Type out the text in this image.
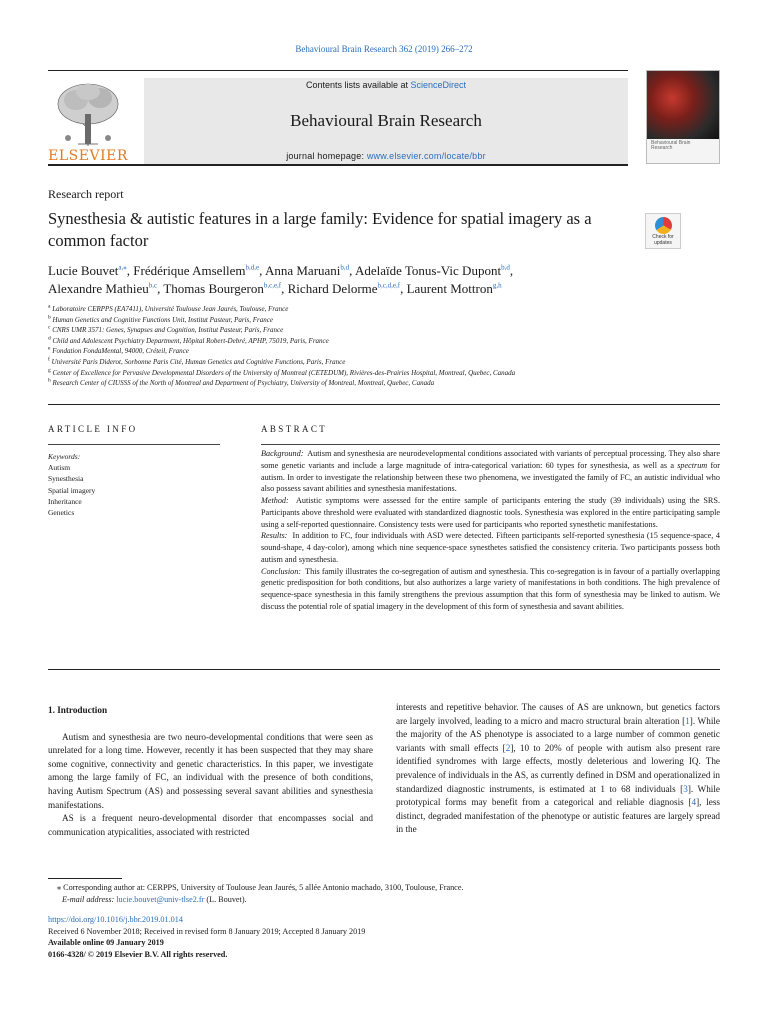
Behavioural Brain Research 362 (2019) 266–272
ELSEVIER
Contents lists available at ScienceDirect
Behavioural Brain Research
journal homepage: www.elsevier.com/locate/bbr
Behavioural Brain Research
Research report
Synesthesia & autistic features in a large family: Evidence for spatial imagery as a common factor	Check for updates
Lucie Bouvet$^{a,⁎}$, Frédérique Amsellem$^{b,d,e}$, Anna Maruani$^{b,d}$, Adelaïde Tonus-Vic Dupont$^{b,d}$,
Alexandre Mathieu$^{b,c}$, Thomas Bourgeron$^{b,c,e,f}$, Richard Delorme$^{b,c,d,e,f}$, Laurent Mottron$^{g,h}$
$^a$ Laboratoire CERPPS (EA7411), Université Toulouse Jean Jaurés, Toulouse, France
$^b$ Human Genetics and Cognitive Functions Unit, Institut Pasteur, Paris, France
$^c$ CNRS UMR 3571: Genes, Synapses and Cognition, Institut Pasteur, Paris, France
$^d$ Child and Adolescent Psychiatry Department, Hôpital Robert-Debré, APHP, 75019, Paris, France
$^e$ Fondation FondaMental, 94000, Créteil, France
$^f$ Université Paris Diderot, Sorbonne Paris Cité, Human Genetics and Cognitive Functions, Paris, France
$^g$ Center of Excellence for Pervasive Developmental Disorders of the University of Montreal (CETEDUM), Rivières-des-Prairies Hospital, Montreal, Quebec, Canada
$^h$ Research Center of CIUSSS of the North of Montreal and Department of Psychiatry, University of Montreal, Montreal, Quebec, Canada
ARTICLE INFO
Keywords:
Autism
Synesthesia
Spatial imagery
Inheritance
Genetics
ABSTRACT
Background: Autism and synesthesia are neurodevelopmental conditions associated with variants of perceptual processing. They also share some genetic variants and include a large magnitude of intra-categorical variation: 60 types for synesthesia, as well as a spectrum for autism. In order to investigate the relationship between these two phenomena, we investigated the family of FC, an autistic individual who also possess savant abilities and synesthesia manifestations.
Method: Autistic symptoms were assessed for the entire sample of participants entering the study (39 individuals) using the SRS. Participants above threshold were evaluated with standardized diagnostic tools. Synesthesia was explored in the entire participating sample using a self-reported questionnaire. Consistency tests were used for participants who reported synesthetic manifestations.
Results: In addition to FC, four individuals with ASD were detected. Fifteen participants self-reported synesthesia (15 sequence-space, 4 sound-shape, 4 day-color), among which nine sequence-space synesthetes satisfied the consistency criteria. Two participants possess both autism and synesthesia.
Conclusion: This family illustrates the co-segregation of autism and synesthesia. This co-segregation is in favour of a partially overlapping genetic predisposition for both conditions, but also authorizes a large variety of manifestations in both conditions. The high prevalence of sequence-space synesthesia in this family strengthens the previous assumption that this form of synesthesia may be linked to autism. We discuss the potential role of spatial imagery in the development of this form of synesthesia and savant abilities.
1. Introduction

Autism and synesthesia are two neuro-developmental conditions that were seen as unrelated for a long time. However, recently it has been suspected that they may share some cognitive, connectivity and genetic characteristics. In this paper, we investigate among the large family of FC, an individual with the presence of both conditions, having Autism Spectrum (AS) and possessing several savant abilities and synesthesia manifestations.

AS is a frequent neuro-developmental disorder that encompasses social and communication atypicalities, associated with restricted

interests and repetitive behavior. The causes of AS are unknown, but genetics factors are largely involved, leading to a micro and macro structural brain alteration [1]. While the majority of the AS phenotype is associated to a large number of common genetic variants with small effects [2], 10 to 20% of people with autism also present rare identified syndromes with large effects, mostly deleterious and lowering IQ. The prevalence of individuals in the AS, as currently defined in DSM and operationalized in standardized diagnostic instruments, is estimated at 1 to 68 individuals [3]. While prototypical forms may benefit from a categorical and reliable diagnosis [4], less distinct, degraded manifestation of the phenotype or autistic features are largely spread in the

⁎ Corresponding author at: CERPPS, University of Toulouse Jean Jaurés, 5 allée Antonio machado, 3100, Toulouse, France.
E-mail address: lucie.bouvet@univ-tlse2.fr (L. Bouvet).
https://doi.org/10.1016/j.bbr.2019.01.014
Received 6 November 2018; Received in revised form 8 January 2019; Accepted 8 January 2019
Available online 09 January 2019
0166-4328/ © 2019 Elsevier B.V. All rights reserved.
